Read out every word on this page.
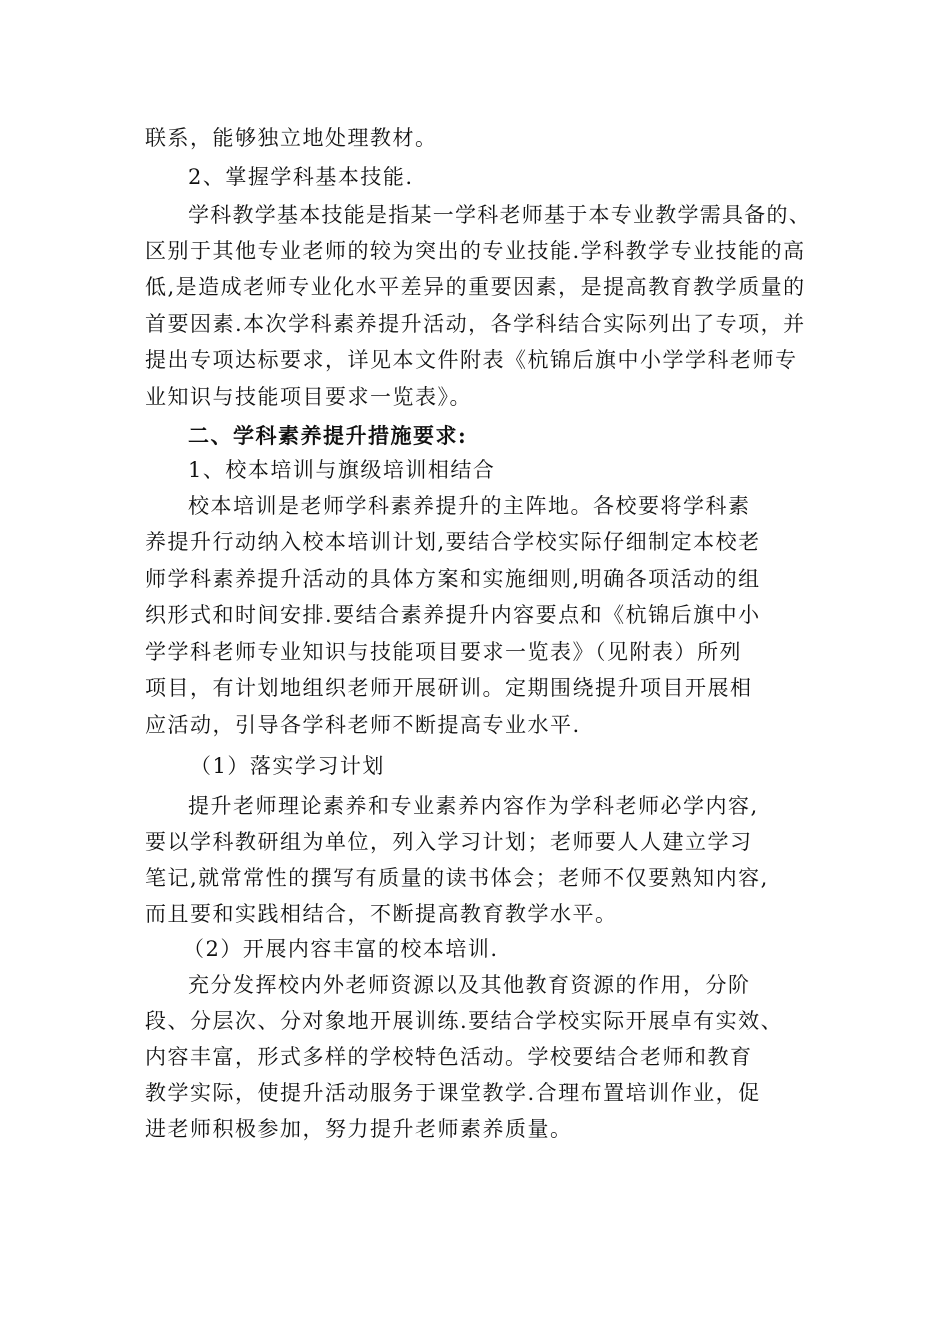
联系，能够独立地处理教材。
2、掌握学科基本技能.
学科教学基本技能是指某一学科老师基于本专业教学需具备的、
区别于其他专业老师的较为突出的专业技能.学科教学专业技能的高
低,是造成老师专业化水平差异的重要因素，是提高教育教学质量的
首要因素.本次学科素养提升活动，各学科结合实际列出了专项，并
提出专项达标要求，详见本文件附表《杭锦后旗中小学学科老师专
业知识与技能项目要求一览表》。
二、学科素养提升措施要求:
1、校本培训与旗级培训相结合
校本培训是老师学科素养提升的主阵地。各校要将学科素
养提升行动纳入校本培训计划,要结合学校实际仔细制定本校老
师学科素养提升活动的具体方案和实施细则,明确各项活动的组
织形式和时间安排.要结合素养提升内容要点和《杭锦后旗中小
学学科老师专业知识与技能项目要求一览表》（见附表）所列
项目，有计划地组织老师开展研训。定期围绕提升项目开展相
应活动，引导各学科老师不断提高专业水平.
（1）落实学习计划
提升老师理论素养和专业素养内容作为学科老师必学内容,
要以学科教研组为单位，列入学习计划；老师要人人建立学习
笔记,就常常性的撰写有质量的读书体会；老师不仅要熟知内容,
而且要和实践相结合，不断提高教育教学水平。
（2）开展内容丰富的校本培训.
充分发挥校内外老师资源以及其他教育资源的作用，分阶
段、分层次、分对象地开展训练.要结合学校实际开展卓有实效、
内容丰富，形式多样的学校特色活动。学校要结合老师和教育
教学实际，使提升活动服务于课堂教学.合理布置培训作业，促
进老师积极参加，努力提升老师素养质量。
